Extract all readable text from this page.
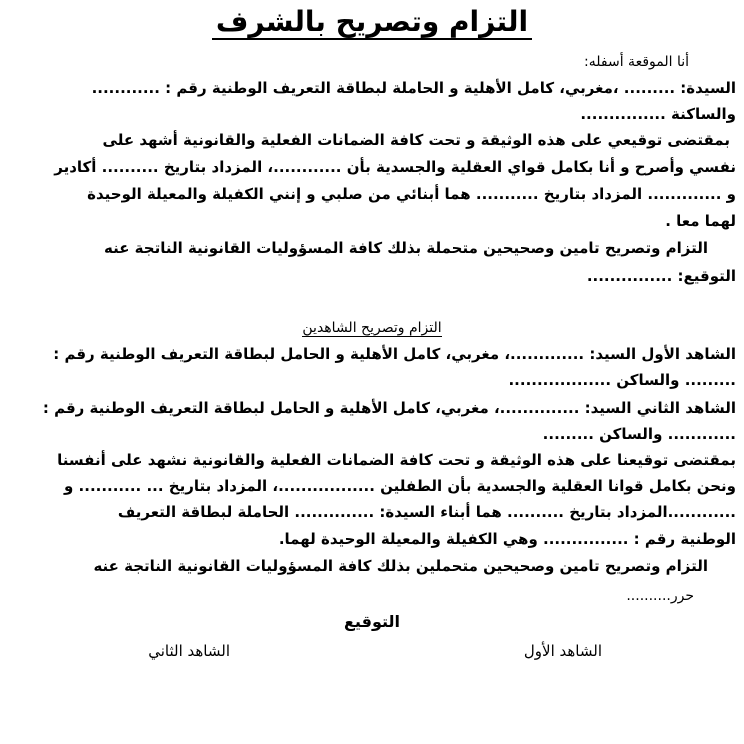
التزام وتصريح بالشرف
أنا الموقعة أسفله:
السيدة: ......... ،مغربي، كامل الأهلية و الحاملة لبطاقة التعريف الوطنية رقم : ............
والساكنة ...............
بمقتضى توقيعي على هذه الوثيقة و تحت كافة الضمانات الفعلية والقانونية أشهد على
نفسي وأصرح و أنا بكامل قواي العقلية والجسدية بأن ............، المزداد بتاريخ .......... أكادير
و ............. المزداد بتاريخ ........... هما أبنائي من صلبي و إنني الكفيلة والمعيلة الوحيدة
لهما معا .
التزام وتصريح تامين وصحيحين متحملة بذلك كافة المسؤوليات القانونية الناتجة عنه
التوقيع: ...............
التزام وتصريح الشاهدين
الشاهد الأول السيد: .............، مغربي، كامل الأهلية و الحامل لبطاقة التعريف الوطنية رقم :
......... والساكن ..................
الشاهد الثاني السيد: ..............، مغربي، كامل الأهلية و الحامل لبطاقة التعريف الوطنية رقم :
............ والساكن .........
بمقتضى توقيعنا على هذه الوثيقة و تحت كافة الضمانات الفعلية والقانونية نشهد على أنفسنا
ونحن بكامل قوانا العقلية والجسدية بأن الطفلين .................، المزداد بتاريخ ... ........... و
............المزداد بتاريخ .......... هما أبناء السيدة: .............. الحاملة لبطاقة التعريف
الوطنية رقم : ............... وهي الكفيلة والمعيلة الوحيدة لهما.
التزام وتصريح تامين وصحيحين متحملين بذلك كافة المسؤوليات القانونية الناتجة عنه
حرر..........
التوقيع
الشاهد الأول
الشاهد الثاني
